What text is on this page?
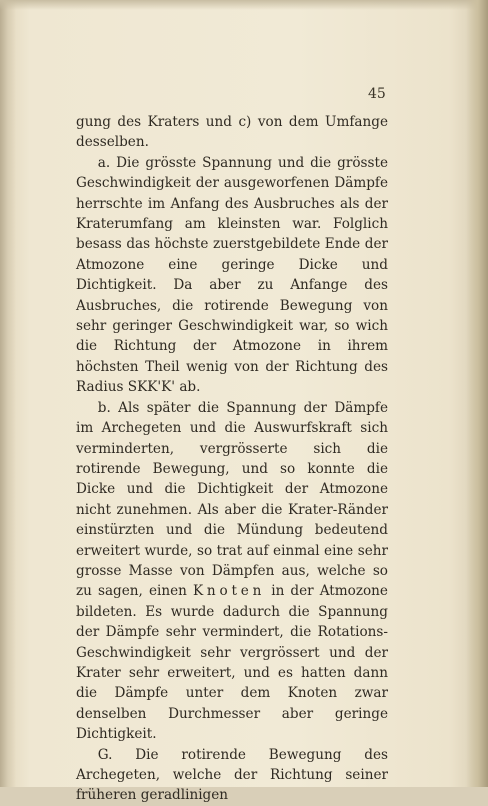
45

gung des Kraters und c) von dem Umfange desselben.

a. Die grösste Spannung und die grösste Geschwindigkeit der ausgeworfenen Dämpfe herrschte im Anfang des Ausbruches als der Kraterumfang am kleinsten war. Folglich besass das höchste zuerstgebildete Ende der Atmozone eine geringe Dicke und Dichtigkeit. Da aber zu Anfange des Ausbruches, die rotirende Bewegung von sehr geringer Geschwindigkeit war, so wich die Richtung der Atmozone in ihrem höchsten Theil wenig von der Richtung des Radius SKK'K' ab.

b. Als später die Spannung der Dämpfe im Archegeten und die Auswurfskraft sich verminderten, vergrösserte sich die rotirende Bewegung, und so konnte die Dicke und die Dichtigkeit der Atmozone nicht zunehmen. Als aber die Krater-Ränder einstürzten und die Mündung bedeutend erweitert wurde, so trat auf einmal eine sehr grosse Masse von Dämpfen aus, welche so zu sagen, einen Knoten in der Atmozone bildeten. Es wurde dadurch die Spannung der Dämpfe sehr vermindert, die Rotations-Geschwindigkeit sehr vergrössert und der Krater sehr erweitert, und es hatten dann die Dämpfe unter dem Knoten zwar denselben Durchmesser aber geringe Dichtigkeit.

G. Die rotirende Bewegung des Archegeten, welche der Richtung seiner früheren geradlinigen
